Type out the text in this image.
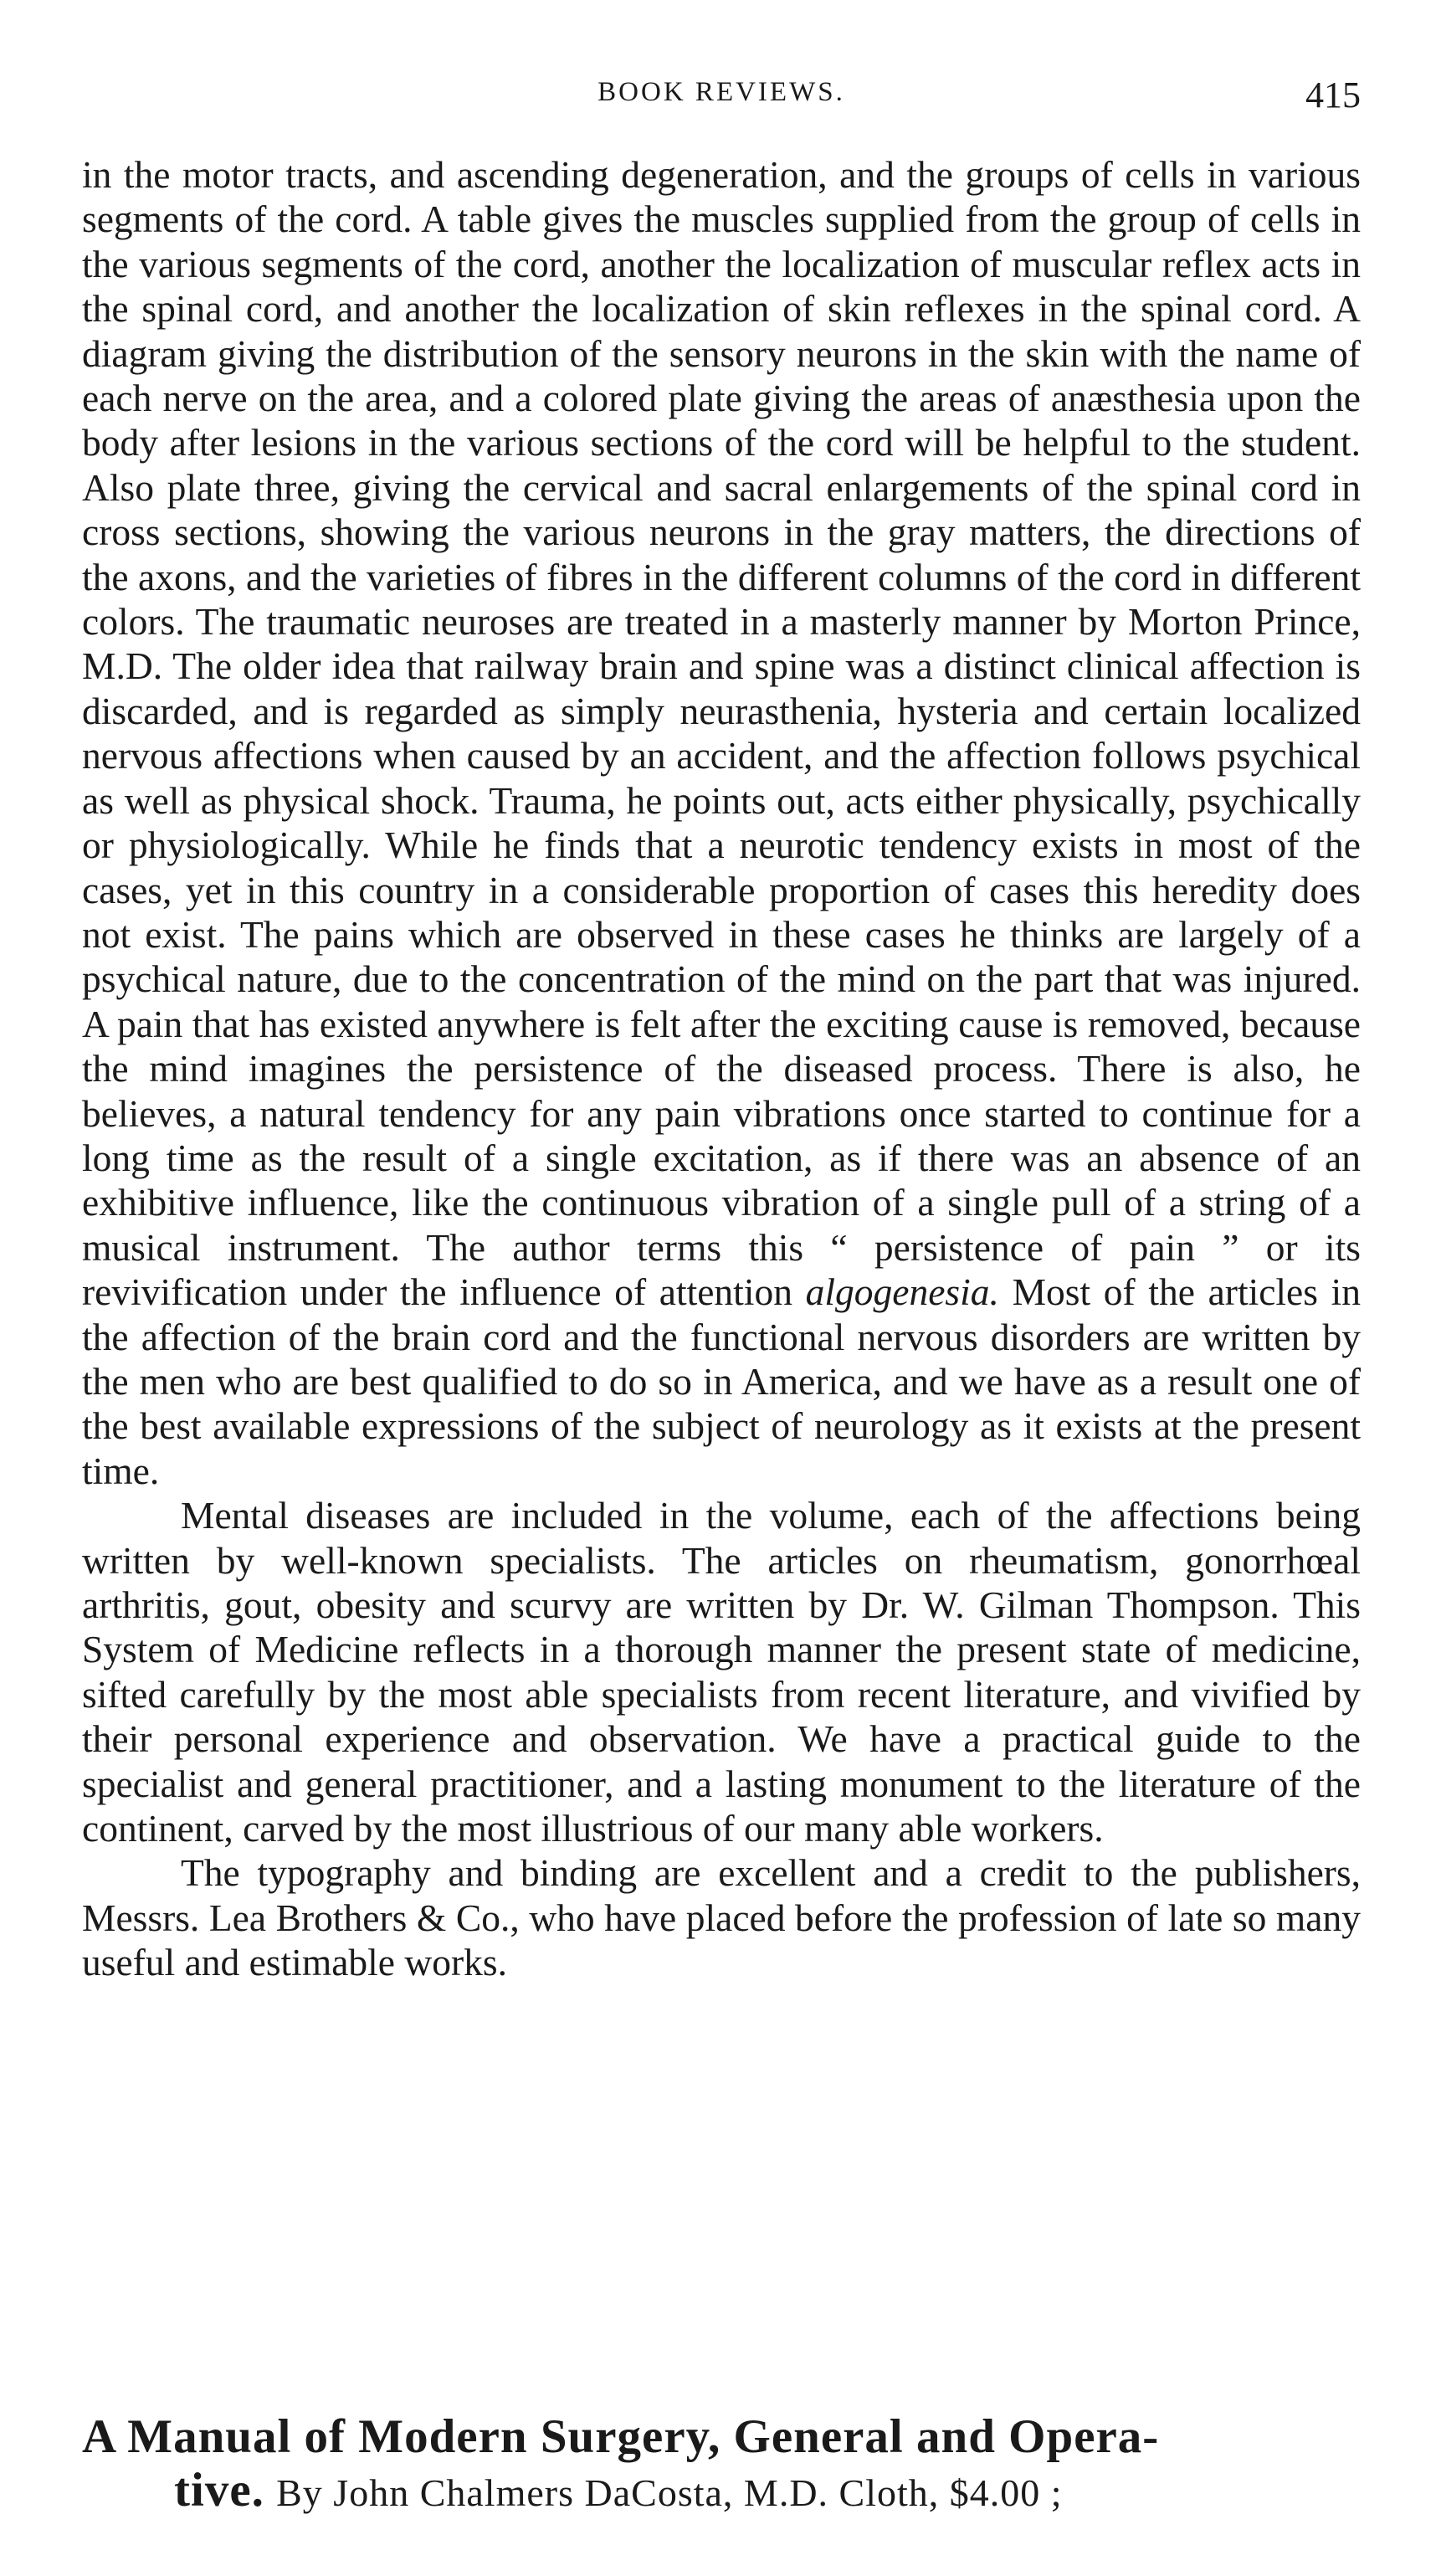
BOOK REVIEWS.	415

in the motor tracts, and ascending degeneration, and the groups of cells in various segments of the cord. A table gives the muscles supplied from the group of cells in the various segments of the cord, another the localization of muscular reflex acts in the spinal cord, and another the localization of skin reflexes in the spinal cord. A diagram giving the distribution of the sensory neurons in the skin with the name of each nerve on the area, and a colored plate giving the areas of anæsthesia upon the body after lesions in the various sections of the cord will be helpful to the student. Also plate three, giving the cervical and sacral enlargements of the spinal cord in cross sections, showing the various neurons in the gray matters, the directions of the axons, and the varieties of fibres in the different columns of the cord in different colors. The traumatic neuroses are treated in a masterly manner by Morton Prince, M.D. The older idea that railway brain and spine was a distinct clinical affection is discarded, and is regarded as simply neurasthenia, hysteria and certain localized nervous affections when caused by an accident, and the affection follows psychical as well as physical shock. Trauma, he points out, acts either physically, psychically or physiologically. While he finds that a neurotic tendency exists in most of the cases, yet in this country in a considerable proportion of cases this heredity does not exist. The pains which are observed in these cases he thinks are largely of a psychical nature, due to the concentration of the mind on the part that was injured. A pain that has existed anywhere is felt after the exciting cause is removed, because the mind imagines the persistence of the diseased process. There is also, he believes, a natural tendency for any pain vibrations once started to continue for a long time as the result of a single excitation, as if there was an absence of an exhibitive influence, like the continuous vibration of a single pull of a string of a musical instrument. The author terms this “ persistence of pain ” or its revivification under the influence of attention algogenesia. Most of the articles in the affection of the brain cord and the functional nervous disorders are written by the men who are best qualified to do so in America, and we have as a result one of the best available expressions of the subject of neurology as it exists at the present time.

Mental diseases are included in the volume, each of the affections being written by well-known specialists. The articles on rheumatism, gonorrhœal arthritis, gout, obesity and scurvy are written by Dr. W. Gilman Thompson. This System of Medicine reflects in a thorough manner the present state of medicine, sifted carefully by the most able specialists from recent literature, and vivified by their personal experience and observation. We have a practical guide to the specialist and general practitioner, and a lasting monument to the literature of the continent, carved by the most illustrious of our many able workers.

The typography and binding are excellent and a credit to the publishers, Messrs. Lea Brothers & Co., who have placed before the profession of late so many useful and estimable works.

A Manual of Modern Surgery, General and Opera-
tive. By John Chalmers DaCosta, M.D. Cloth, $4.00 ;
